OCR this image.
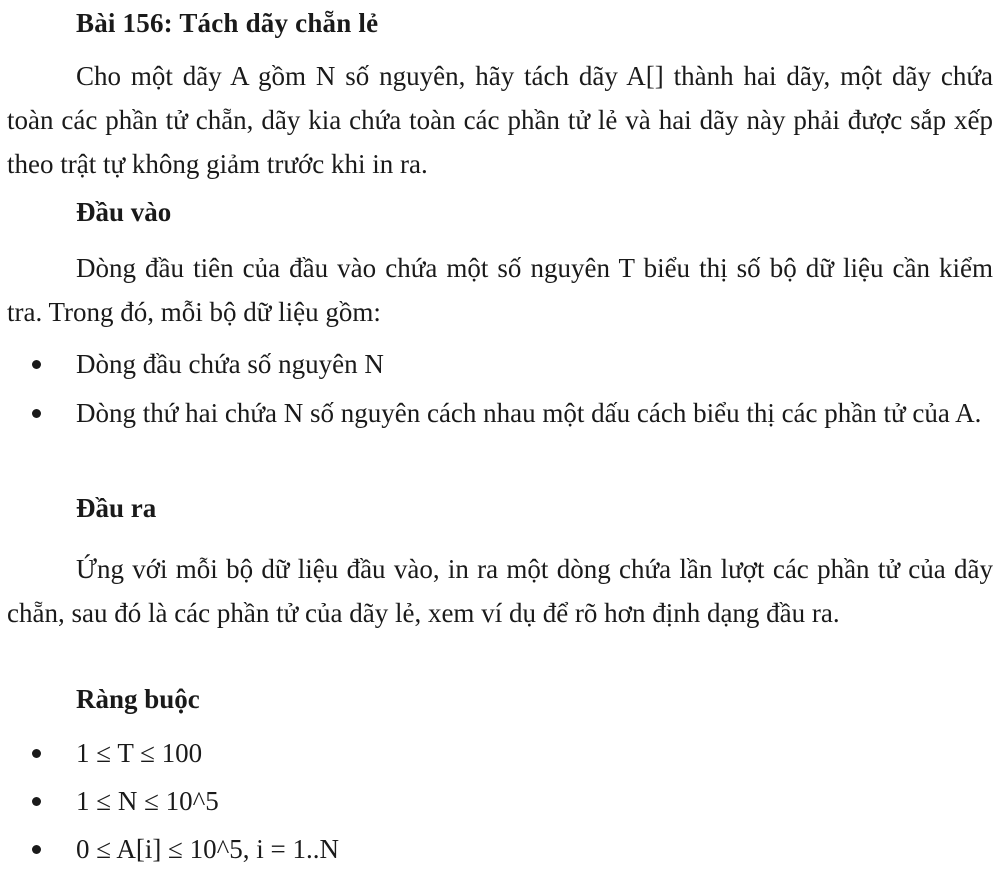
Bài 156: Tách dãy chẵn lẻ

Cho một dãy A gồm N số nguyên, hãy tách dãy A[] thành hai dãy, một dãy chứa toàn các phần tử chẵn, dãy kia chứa toàn các phần tử lẻ và hai dãy này phải được sắp xếp theo trật tự không giảm trước khi in ra.

Đầu vào

Dòng đầu tiên của đầu vào chứa một số nguyên T biểu thị số bộ dữ liệu cần kiểm tra. Trong đó, mỗi bộ dữ liệu gồm:

Dòng đầu chứa số nguyên N
Dòng thứ hai chứa N số nguyên cách nhau một dấu cách biểu thị các phần tử của A.
Đầu ra

Ứng với mỗi bộ dữ liệu đầu vào, in ra một dòng chứa lần lượt các phần tử của dãy chẵn, sau đó là các phần tử của dãy lẻ, xem ví dụ để rõ hơn định dạng đầu ra.

Ràng buộc
1 ≤ T ≤ 100
1 ≤ N ≤ 10^5
0 ≤ A[i] ≤ 10^5, i = 1..N
